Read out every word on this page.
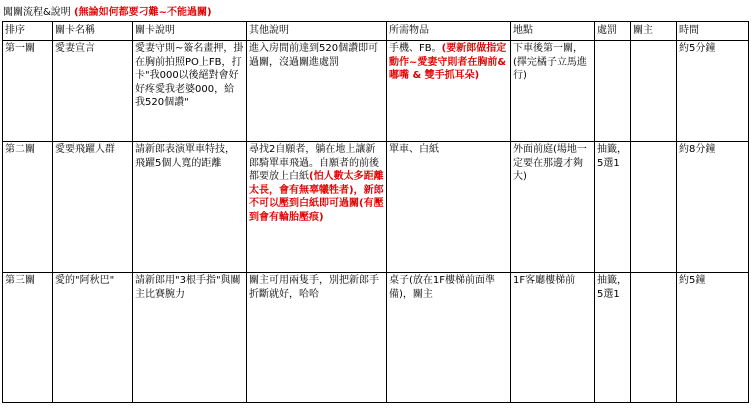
闖關流程&說明 (無論如何都要刁難~不能過關)
排序	關卡名稱	關卡說明	其他說明	所需物品	地點	處罰	關主	時間
第一關	愛妻宣言	愛妻守則~簽名畫押，掛在胸前拍照PO上FB，打卡"我000以後絕對會好好疼愛我老婆000，給我520個讚"	進入房間前達到520個讚即可過關，沒過關進處罰	手機、FB。(要新郎做指定動作~愛妻守則者在胸前&嘟嘴 & 雙手抓耳朵)	下車後第一關，(擇完橘子立馬進行)			約5分鐘
第二關	愛要飛躍人群	請新郎表演單車特技，飛躍5個人寬的距離	尋找2自願者，躺在地上讓新郎騎單車飛過。自願者的前後都要放上白紙(怕人數太多距離太長，會有無辜犧牲者)，新郎不可以壓到白紙即可過關(有壓到會有輪胎壓痕)	單車、白紙	外面前庭(場地一定要在那邊才夠大)	抽籤，5選1		約8分鐘
第三關	愛的"阿秋巴"	請新郎用"3根手指"與關主比賽腕力	關主可用兩隻手，別把新郎手折斷就好，哈哈	桌子(放在1F樓梯前面準備)，關主	1F客廳樓梯前	抽籤，5選1		約5鐘
